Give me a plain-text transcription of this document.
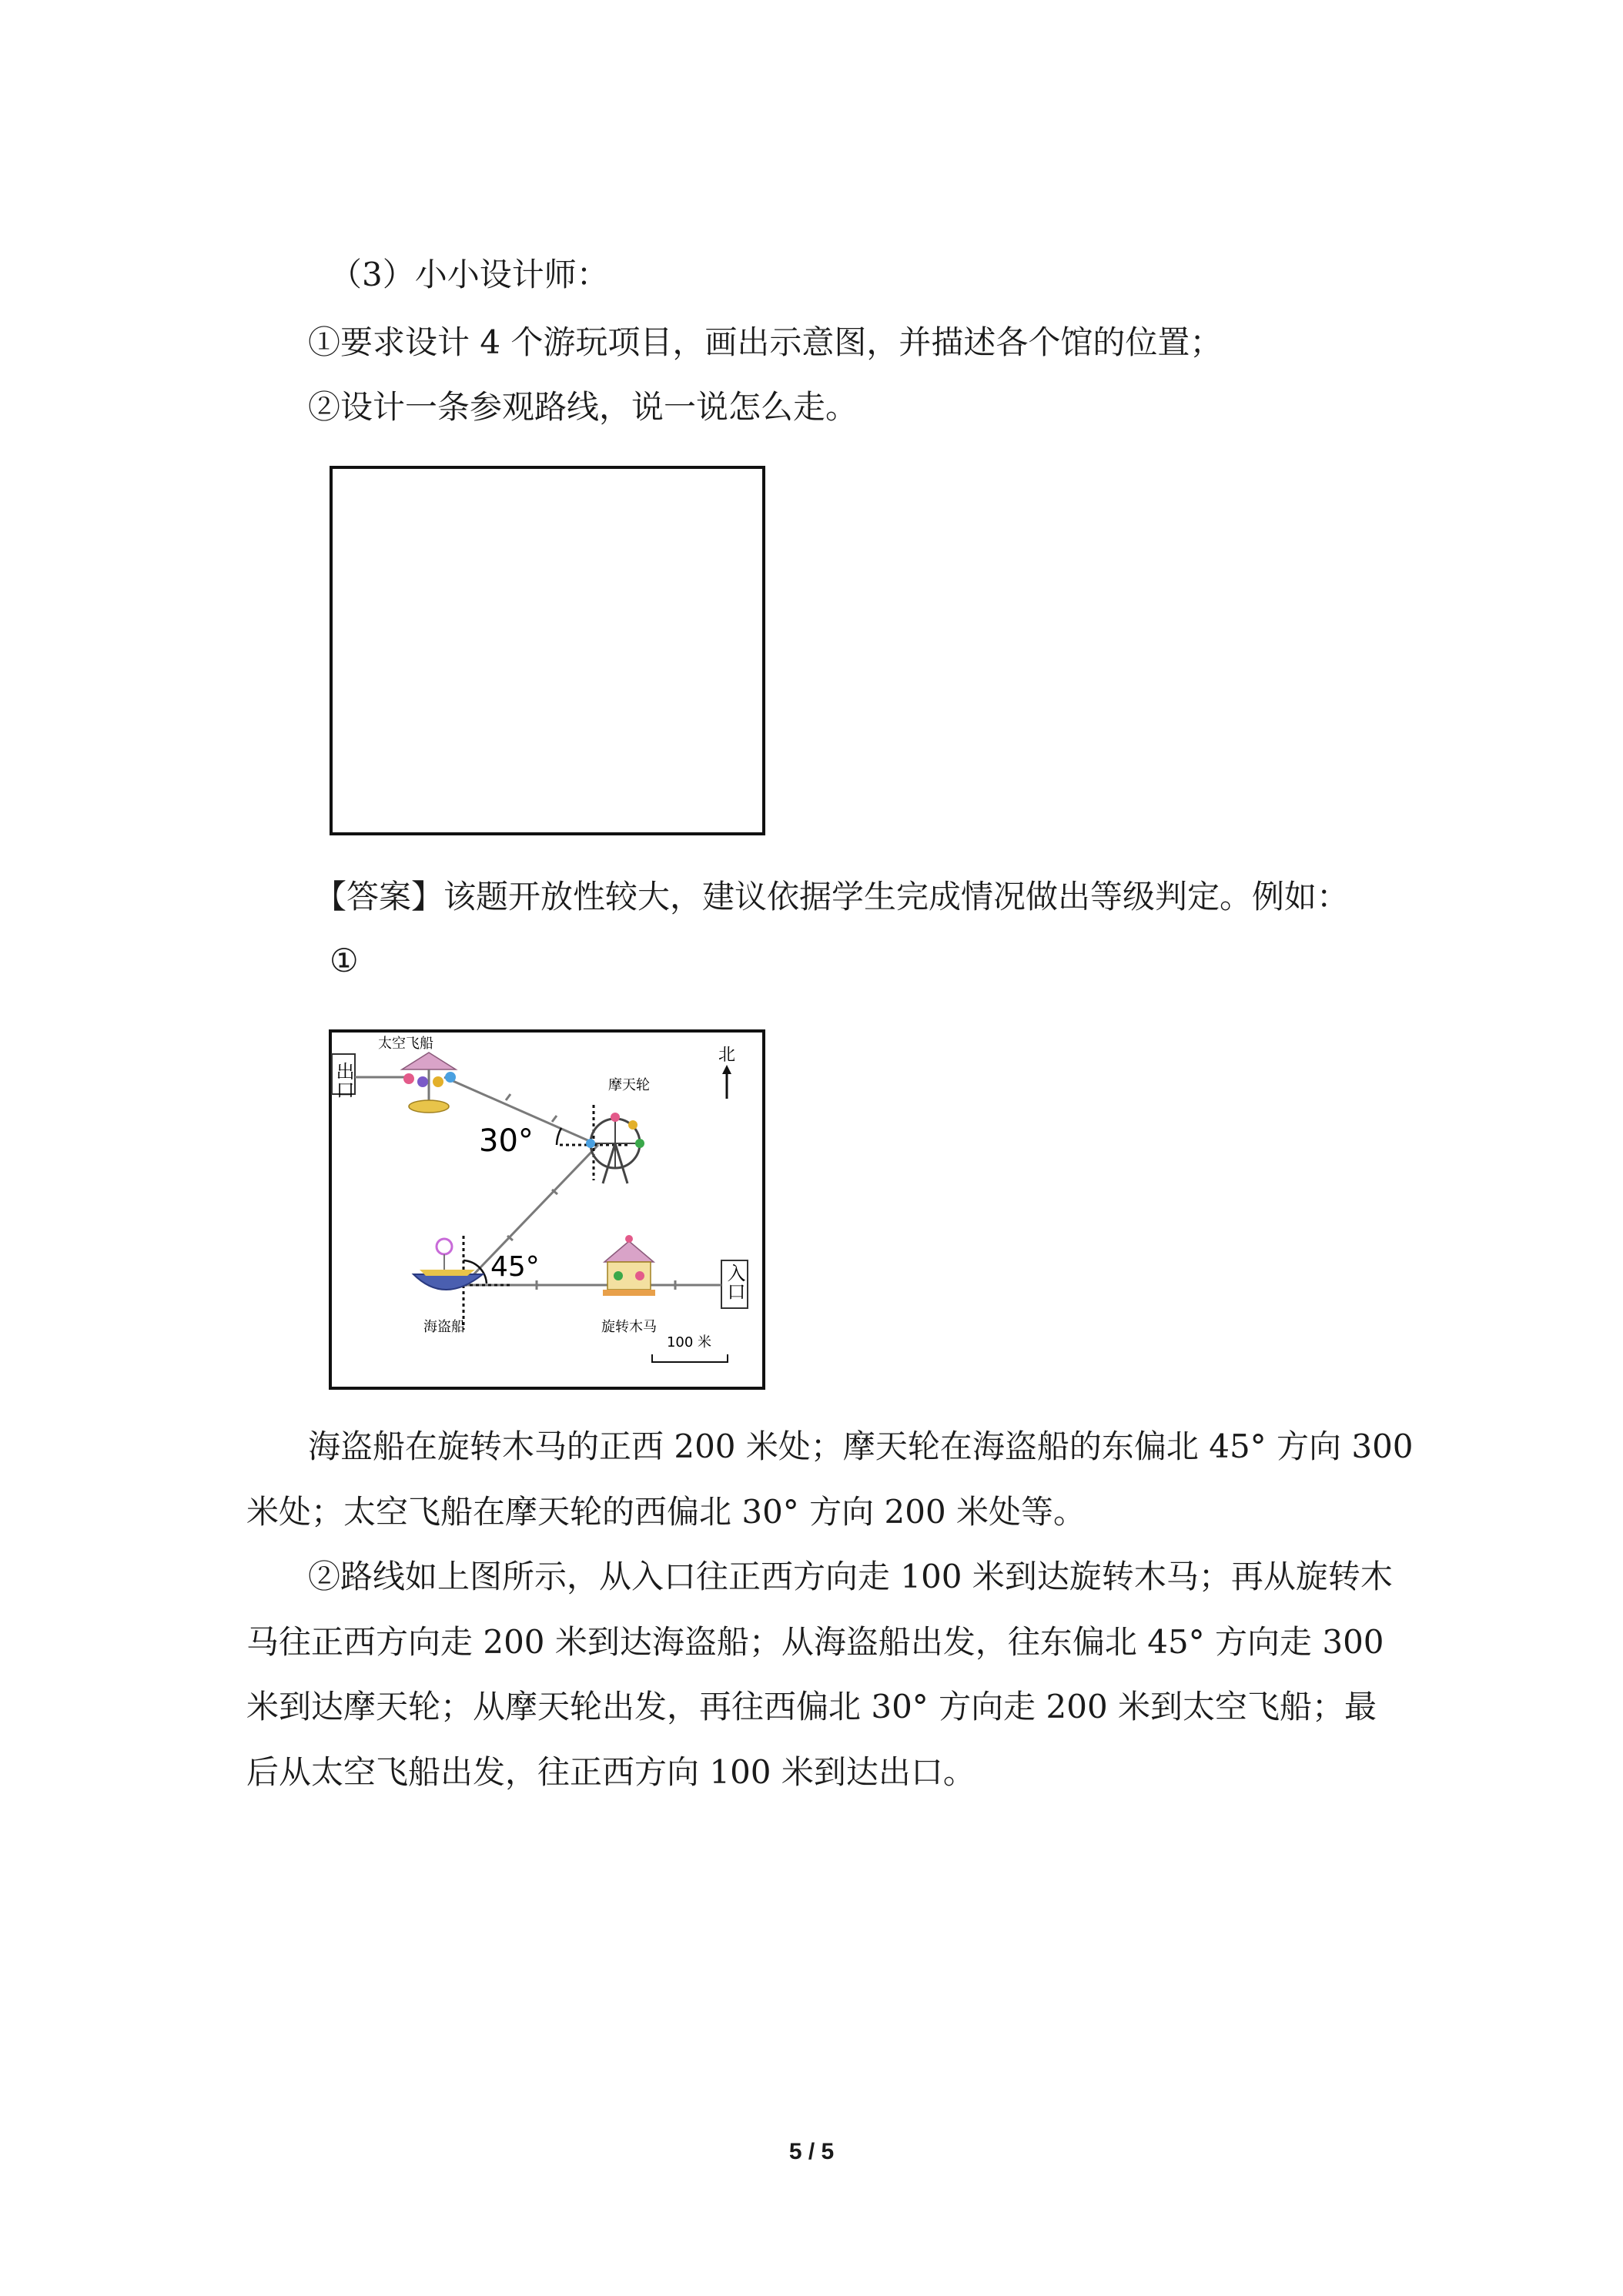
（3）小小设计师：
①要求设计 4 个游玩项目，画出示意图，并描述各个馆的位置；
②设计一条参观路线，说一说怎么走。
【答案】该题开放性较大，建议依据学生完成情况做出等级判定。例如：
①
出口
入口
北
30°
45°
太空飞船
摩天轮
海盗船	旋转木马
100 米
海盗船在旋转木马的正西 200 米处；摩天轮在海盗船的东偏北 45° 方向 300
米处；太空飞船在摩天轮的西偏北 30° 方向 200 米处等。
②路线如上图所示，从入口往正西方向走 100 米到达旋转木马；再从旋转木
马往正西方向走 200 米到达海盗船；从海盗船出发，往东偏北 45° 方向走 300
米到达摩天轮；从摩天轮出发，再往西偏北 30° 方向走 200 米到太空飞船；最
后从太空飞船出发，往正西方向 100 米到达出口。
5 / 5
